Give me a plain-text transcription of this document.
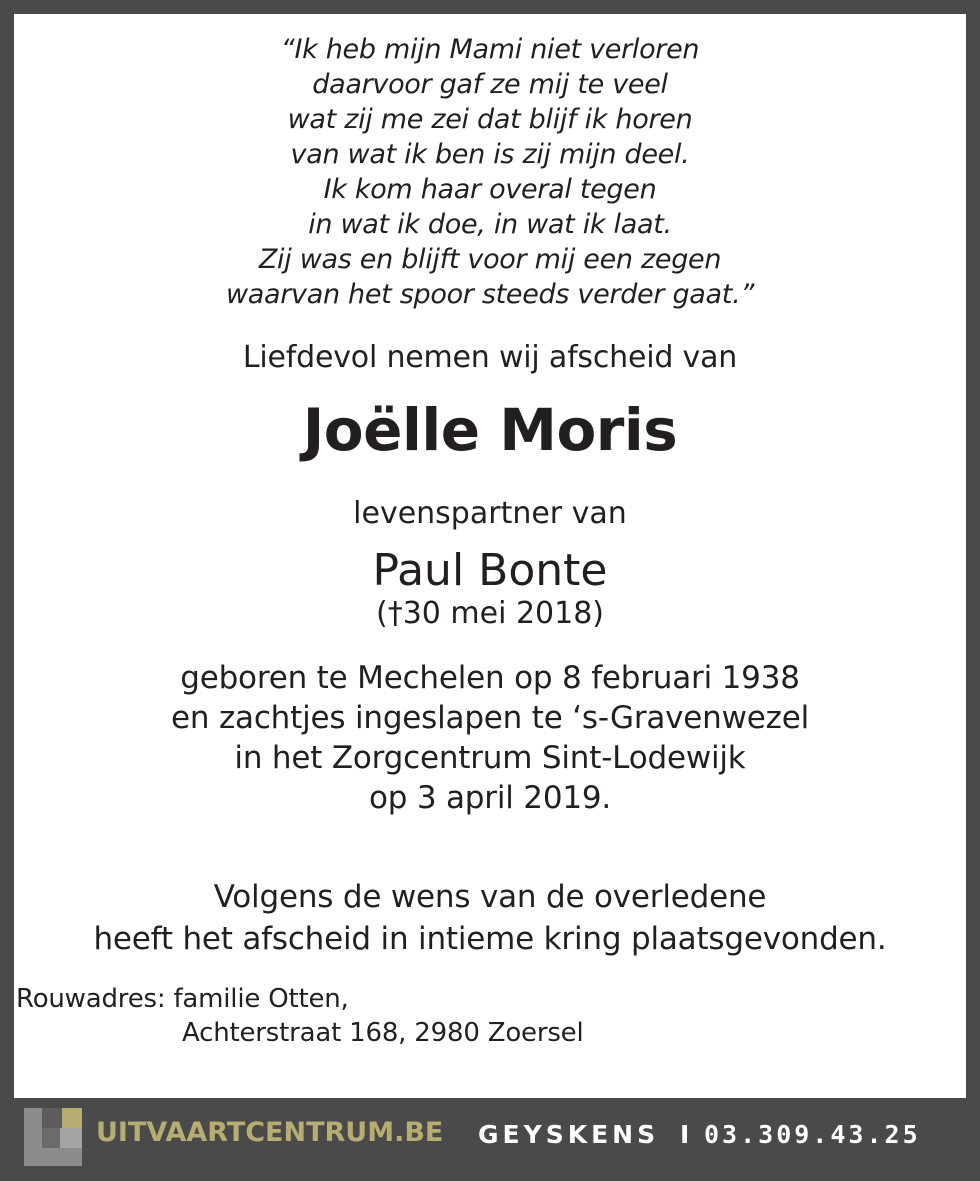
“Ik heb mijn Mami niet verloren
daarvoor gaf ze mij te veel
wat zij me zei dat blijf ik horen
van wat ik ben is zij mijn deel.
Ik kom haar overal tegen
in wat ik doe, in wat ik laat.
Zij was en blijft voor mij een zegen
waarvan het spoor steeds verder gaat.”
Liefdevol nemen wij afscheid van
Joëlle Moris
levenspartner van
Paul Bonte
(†30 mei 2018)
geboren te Mechelen op 8 februari 1938
en zachtjes ingeslapen te ‘s-Gravenwezel
in het Zorgcentrum Sint-Lodewijk
op 3 april 2019.
Volgens de wens van de overledene
heeft het afscheid in intieme kring plaatsgevonden.
Rouwadres: familie Otten,
Achterstraat 168, 2980 Zoersel
UITVAARTCENTRUM.BE GEYSKENS I 03.309.43.25
